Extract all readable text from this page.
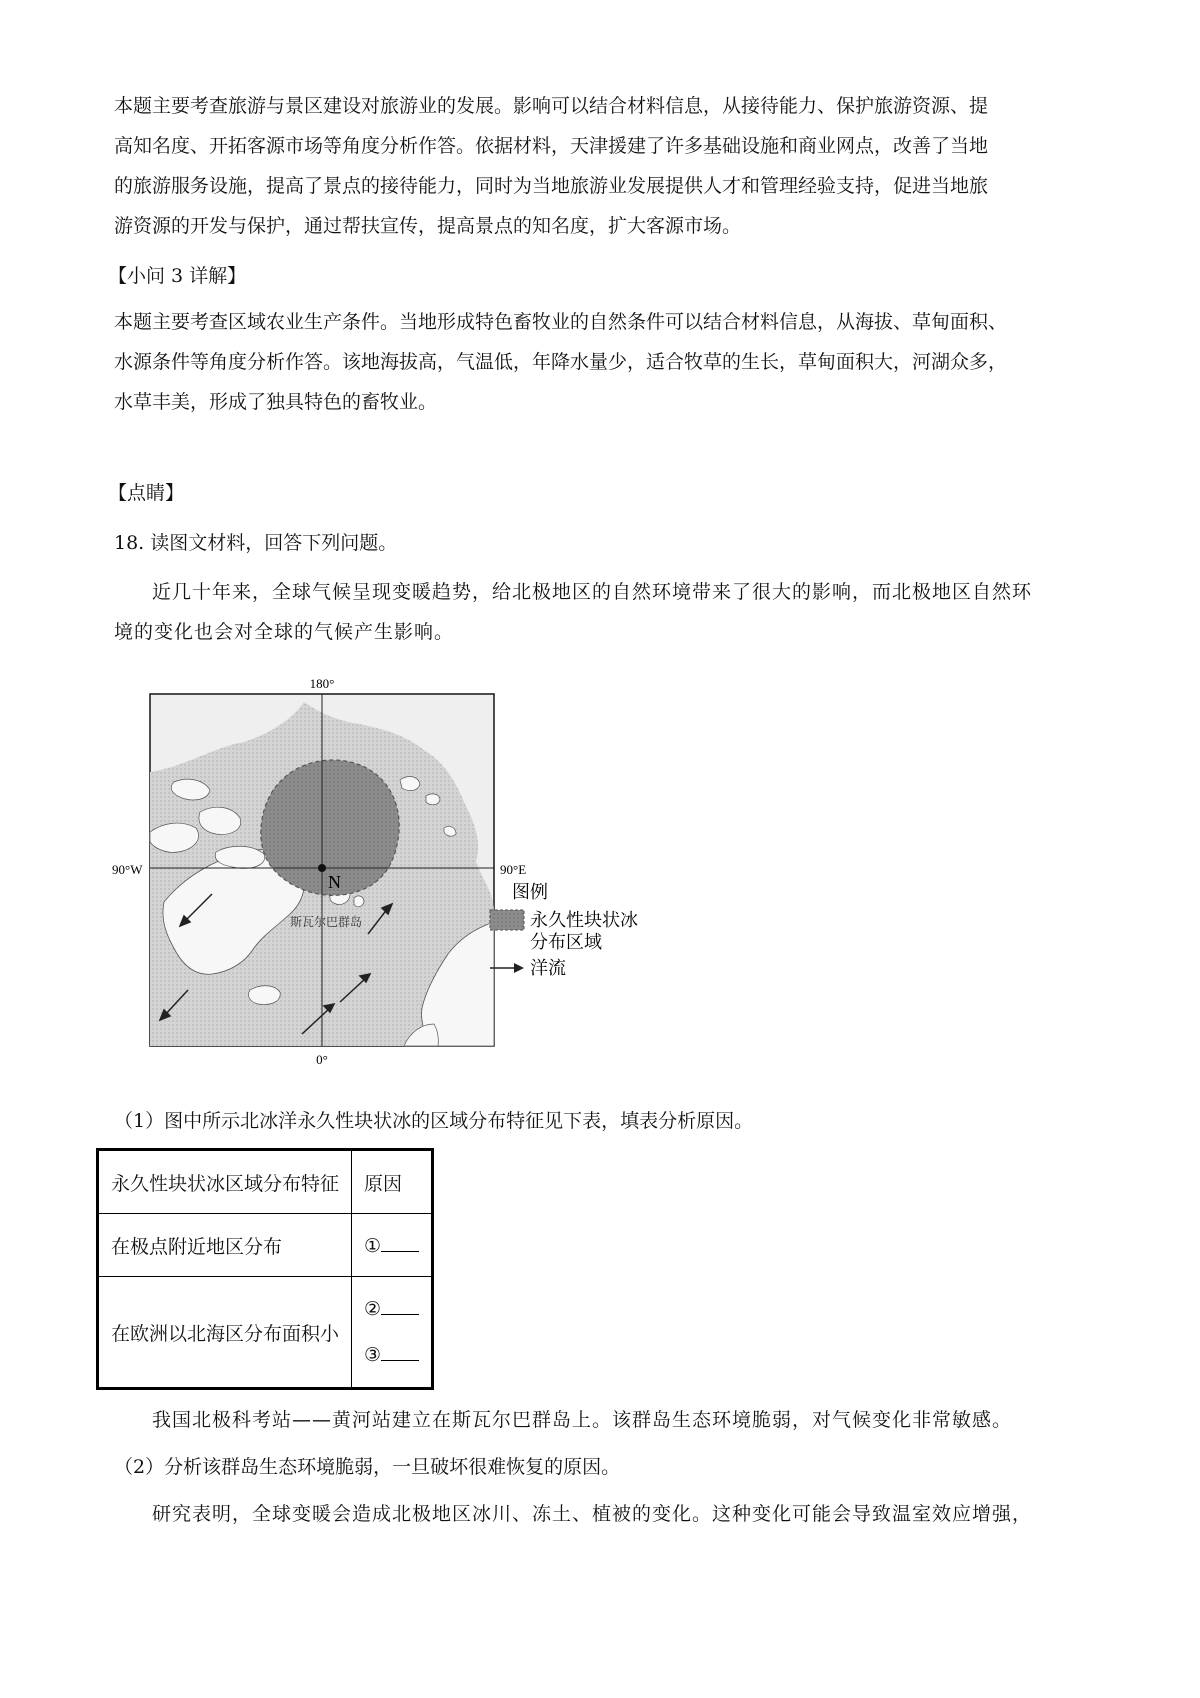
本题主要考查旅游与景区建设对旅游业的发展。影响可以结合材料信息，从接待能力、保护旅游资源、提

高知名度、开拓客源市场等角度分析作答。依据材料，天津援建了许多基础设施和商业网点，改善了当地

的旅游服务设施，提高了景点的接待能力，同时为当地旅游业发展提供人才和管理经验支持，促进当地旅

游资源的开发与保护，通过帮扶宣传，提高景点的知名度，扩大客源市场。

【小问 3 详解】

本题主要考查区域农业生产条件。当地形成特色畜牧业的自然条件可以结合材料信息，从海拔、草甸面积、

水源条件等角度分析作答。该地海拔高，气温低，年降水量少，适合牧草的生长，草甸面积大，河湖众多，

水草丰美，形成了独具特色的畜牧业。

【点睛】
18. 读图文材料，回答下列问题。

近几十年来，全球气候呈现变暖趋势，给北极地区的自然环境带来了很大的影响，而北极地区自然环

境的变化也会对全球的气候产生影响。

180°
90°W	90°E
0°
N
斯瓦尔巴群岛
图例
永久性块状冰
分布区域
洋流
（1）图中所示北冰洋永久性块状冰的区域分布特征见下表，填表分析原因。
永久性块状冰区域分布特征	原因
在极点附近地区分布	①
在欧洲以北海区分布面积小	②
③

我国北极科考站——黄河站建立在斯瓦尔巴群岛上。该群岛生态环境脆弱，对气候变化非常敏感。

（2）分析该群岛生态环境脆弱，一旦破坏很难恢复的原因。

研究表明，全球变暖会造成北极地区冰川、冻土、植被的变化。这种变化可能会导致温室效应增强，
